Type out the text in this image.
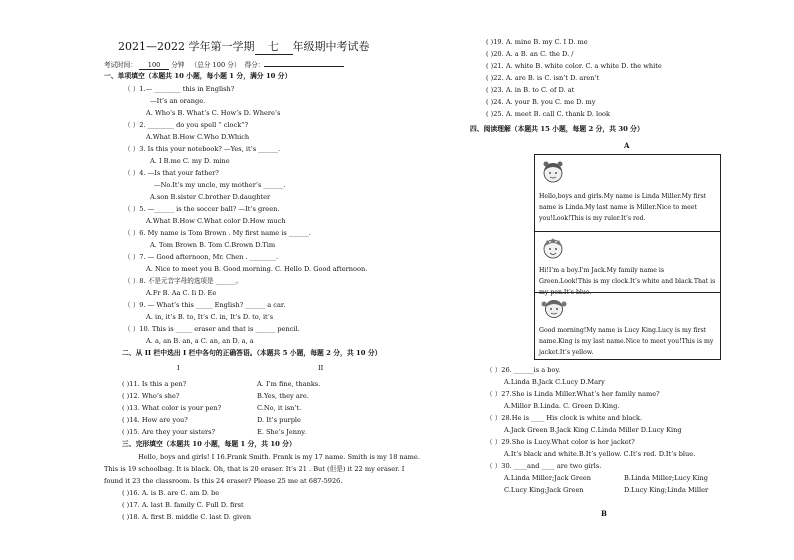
2021—2022 学年第一学期 七 年级期中考试卷
考试时间： 100 分钟 （总分 100 分） 得分：
一、单项填空（本题共 10 小题，每小题 1 分，满分 10 分）
（ ）1.— ________ this in English?
—It’s an orange.
A. Who’s B. What’s C. How’s D. Where’s
（ ）2. ________ do you spell “ clock”?
A.What B.How C.Who D.Which
（ ）3. Is this your notebook? —Yes, it’s ______.
A. I B.me C. my D. mine
（ ）4. —Is that your father?
—No.It’s my uncle, my mother’s ______.
A.son B.sister C.brother D.daughter
（ ）5. —______ is the soccer ball? —It’s green.
A.What B.How C.What color D.How much
（ ）6. My name is Tom Brown . My first name is ______.
A. Tom Brown B. Tom C.Brown D.Tim
（ ）7. — Good afternoon, Mr. Chen . ________.
A. Nice to meet you B. Good morning. C. Hello D. Good afternoon.
（ ）8. 不是元音字母的选项是 ______。
A.Fr B. Aa C. Ii D. Ee
（ ）9. — What’s this _____ English? ______ a car.
A. in, it’s B. to, It’s C. in, It’s D. to, it’s
（ ）10. This is _____ eraser and that is ______ pencil.
A. a, an B. an, a C. an, an D. a, a
二、从 II 栏中选出 I 栏中各句的正确答语。（本题共 5 小题，每题 2 分，共 10 分）
I	II
( )11. Is this a pen?
( )12. Who’s she?
( )13. What color is your pen?
( )14. How are you?
( )15. Are they your sisters?
A. I’m fine, thanks.
B.Yes, they are.
C.No, it isn’t.
D. It’s purple
E. She’s Jenny.
三、完形填空（本题共 10 小题，每题 1 分，共 10 分）
Hello, boys and girls! I 16.Frank Smith. Frank is my 17 name. Smith is my 18 name.
This is 19 schoolbag. It is black. Oh, that is 20 eraser. It’s 21 . But (但是) it 22 my eraser. I
found it 23 the classroom. Is this 24 eraser? Please 25 me at 687-5926.
( )16. A. is B. are C. am D. be
( )17. A. last B. family C. Full D. first
( )18. A. first B. middle C. last D. given
( )19. A. mine B. my C. I D. me
( )20. A. a B. an C. the D. /
( )21. A. white B. white color. C. a white D. the white
( )22. A. are B. is C. isn’t D. aren’t
( )23. A. in B. to C. of D. at
( )24. A. your B. you C. me D. my
( )25. A. meet B. call C. thank D. look
四、阅读理解（本题共 15 小题，每题 2 分，共 30 分）
A
Hello,boys and girls.My name is Linda Miller.My first name is Linda.My last name is Miller.Nice to meet you!Look!This is my ruler.It’s red.
Hi!I’m a boy.I’m Jack.My family name is Green.Look!This is my clock.It’s white and black.That is my pen.It’s blue.
Good morning!My name is Lucy King.Lucy is my first name.King is my last name.Nice to meet you!This is my jacket.It’s yellow.
（ ）26. ______is a boy.
A.Linda B.Jack C.Lucy D.Mary
（ ）27.She is Linda Miller.What’s her family name?
A.Miller B.Linda. C. Green D.King.
（ ）28.He is ____ His clock is white and black.
A.Jack Green B.Jack King C.Linda Miller D.Lucy King
（ ）29.She is Lucy.What color is her jacket?
A.It’s black and white.B.It’s yellow. C.It’s red. D.It’s blue.
（ ）30. ____and ____ are two girls.
A.Linda Miller;Jack Green	B.Linda Miller;Lucy King
C.Lucy King;Jack Green	D.Lucy King;Linda Miller
B
